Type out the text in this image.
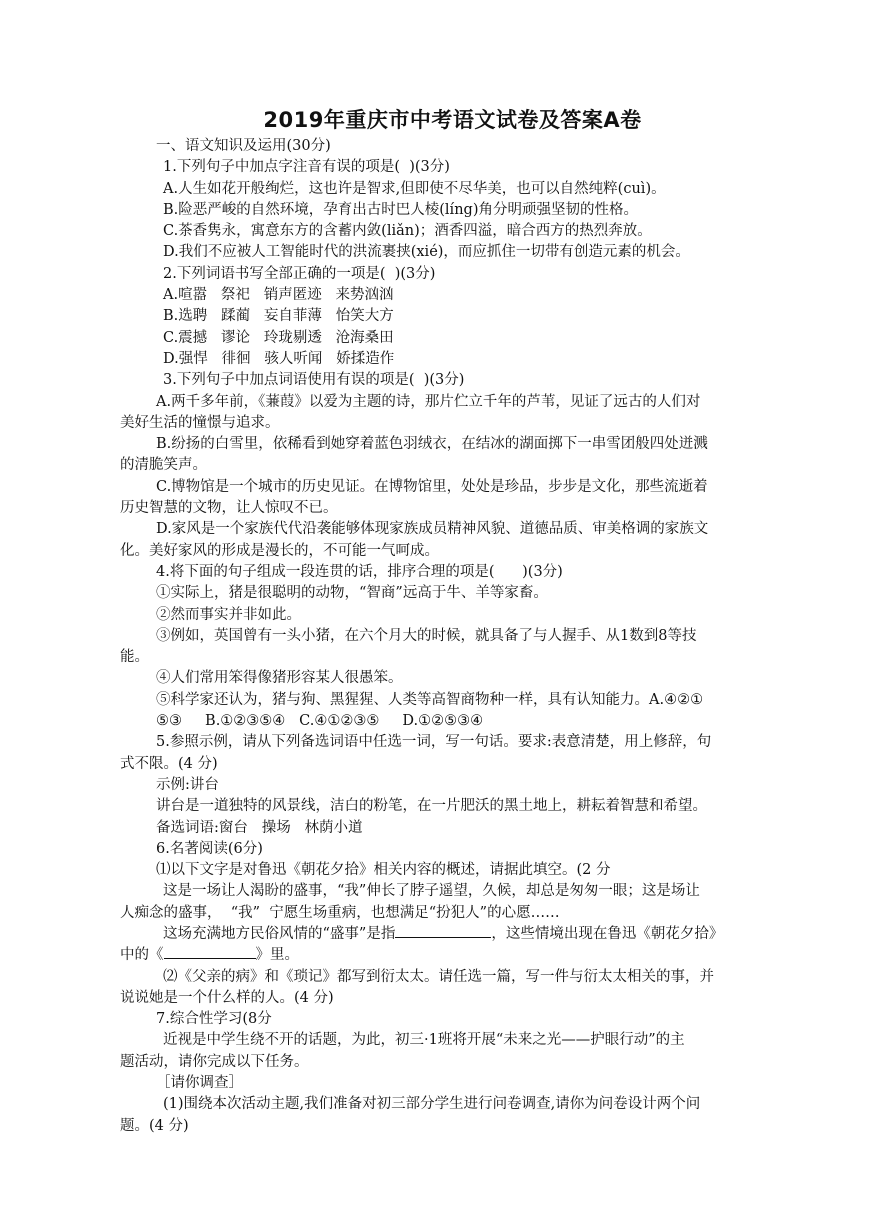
2019年重庆市中考语文试卷及答案A卷
一、语文知识及运用(30分)
1.下列句子中加点字注音有误的项是(  )(3分)
A.人生如花开般绚烂，这也许是智求,但即使不尽华美，也可以自然纯粹(cuì)。
B.险恶严峻的自然环境，孕育出古时巴人棱(líng)角分明顽强坚韧的性格。
C.茶香隽永，寓意东方的含蓄内敛(liǎn)；酒香四溢，暗合西方的热烈奔放。
D.我们不应被人工智能时代的洪流裹挟(xié)，而应抓住一切带有创造元素的机会。
2.下列词语书写全部正确的一项是(  )(3分)
A.喧嚣   祭祀   销声匿迹   来势汹汹
B.选聘   蹂蔺   妄自菲薄   怡笑大方
C.震撼   谬论   玲珑剔透   沧海桑田
D.强悍   徘徊   骇人听闻   娇揉造作
3.下列句子中加点词语使用有误的项是(  )(3分)
A.两千多年前，《蒹葭》以爱为主题的诗，那片伫立千年的芦苇，见证了远古的人们对
美好生活的憧憬与追求。
B.纷扬的白雪里，依稀看到她穿着蓝色羽绒衣，在结冰的湖面掷下一串雪团般四处迸溅
的清脆笑声。
C.博物馆是一个城市的历史见证。在博物馆里，处处是珍品，步步是文化，那些流逝着
历史智慧的文物，让人惊叹不已。
D.家风是一个家族代代沿袭能够体现家族成员精神风貌、道德品质、审美格调的家族文
化。美好家风的形成是漫长的，不可能一气呵成。
4.将下面的句子组成一段连贯的话，排序合理的项是(      )(3分)
①实际上，猪是很聪明的动物，“智商”远高于牛、羊等家畜。
②然而事实并非如此。
③例如，英国曾有一头小猪，在六个月大的时候，就具备了与人握手、从1数到8等技
能。
④人们常用笨得像猪形容某人很愚笨。
⑤科学家还认为，猪与狗、黑猩猩、人类等高智商物种一样，具有认知能力。A.④②①
⑤③     B.①②③⑤④   C.④①②③⑤     D.①②⑤③④
5.参照示例，请从下列备选词语中任选一词，写一句话。要求:表意清楚，用上修辞，句
式不限。(4 分)
示例:讲台
讲台是一道独特的风景线，洁白的粉笔，在一片肥沃的黑土地上，耕耘着智慧和希望。
备选词语:窗台   操场   林荫小道
6.名著阅读(6分)
⑴以下文字是对鲁迅《朝花夕拾》相关内容的概述，请据此填空。(2 分
这是一场让人渴盼的盛事，“我”伸长了脖子遥望，久候，却总是匆匆一眼；这是场让
人痴念的盛事，  “我”  宁愿生场重病，也想满足“扮犯人”的心愿……
这场充满地方民俗风情的“盛事”是指	，这些情境出现在鲁迅《朝花夕拾》
中的《	》里。
⑵《父亲的病》和《琐记》都写到衍太太。请任选一篇，写一件与衍太太相关的事，并
说说她是一个什么样的人。(4 分)
7.综合性学习(8分
近视是中学生绕不开的话题，为此，初三·1班将开展“未来之光——护眼行动”的主
题活动，请你完成以下任务。
［请你调查］
(1)围绕本次活动主题,我们准备对初三部分学生进行问卷调查,请你为问卷设计两个问
题。(4 分)
